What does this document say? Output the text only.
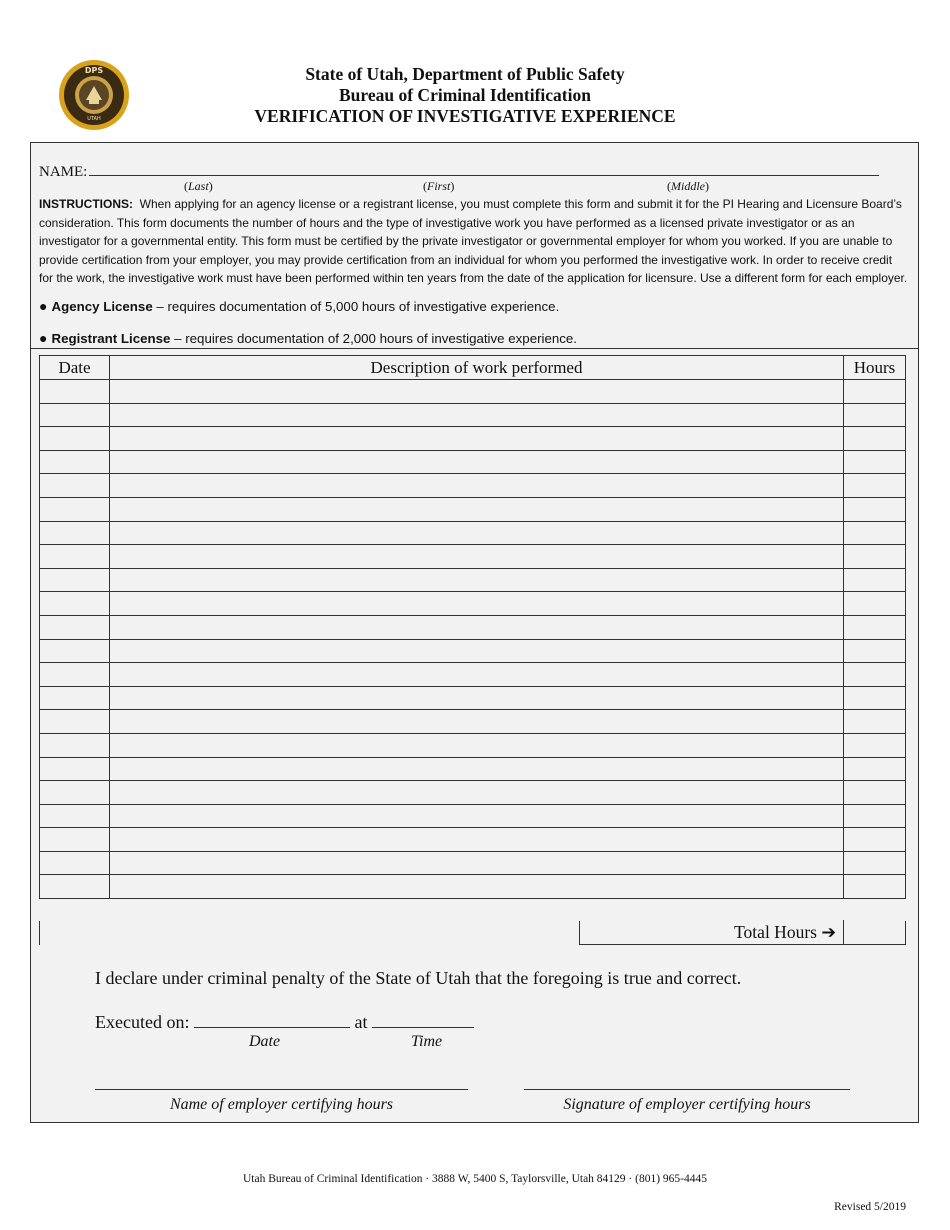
DPS
UTAH
State of Utah, Department of Public Safety
Bureau of Criminal Identification
VERIFICATION OF INVESTIGATIVE EXPERIENCE
NAME:
(Last)	(First)	(Middle)
INSTRUCTIONS: When applying for an agency license or a registrant license, you must complete this form and submit it for the PI Hearing and Licensure Board’s consideration. This form documents the number of hours and the type of investigative work you have performed as a licensed private investigator or as an investigator for a governmental entity. This form must be certified by the private investigator or governmental employer for whom you worked. If you are unable to provide certification from your employer, you may provide certification from an individual for whom you performed the investigative work. In order to receive credit for the work, the investigative work must have been performed within ten years from the date of the application for licensure. Use a different form for each employer.
● Agency License – requires documentation of 5,000 hours of investigative experience.
● Registrant License – requires documentation of 2,000 hours of investigative experience.
Date	Description of work performed	Hours

Total Hours ➔
I declare under criminal penalty of the State of Utah that the foregoing is true and correct.
Executed on:	at
Date	Time
Name of employer certifying hours	Signature of employer certifying hours
Utah Bureau of Criminal Identification · 3888 W, 5400 S, Taylorsville, Utah 84129 · (801) 965-4445
Revised 5/2019
